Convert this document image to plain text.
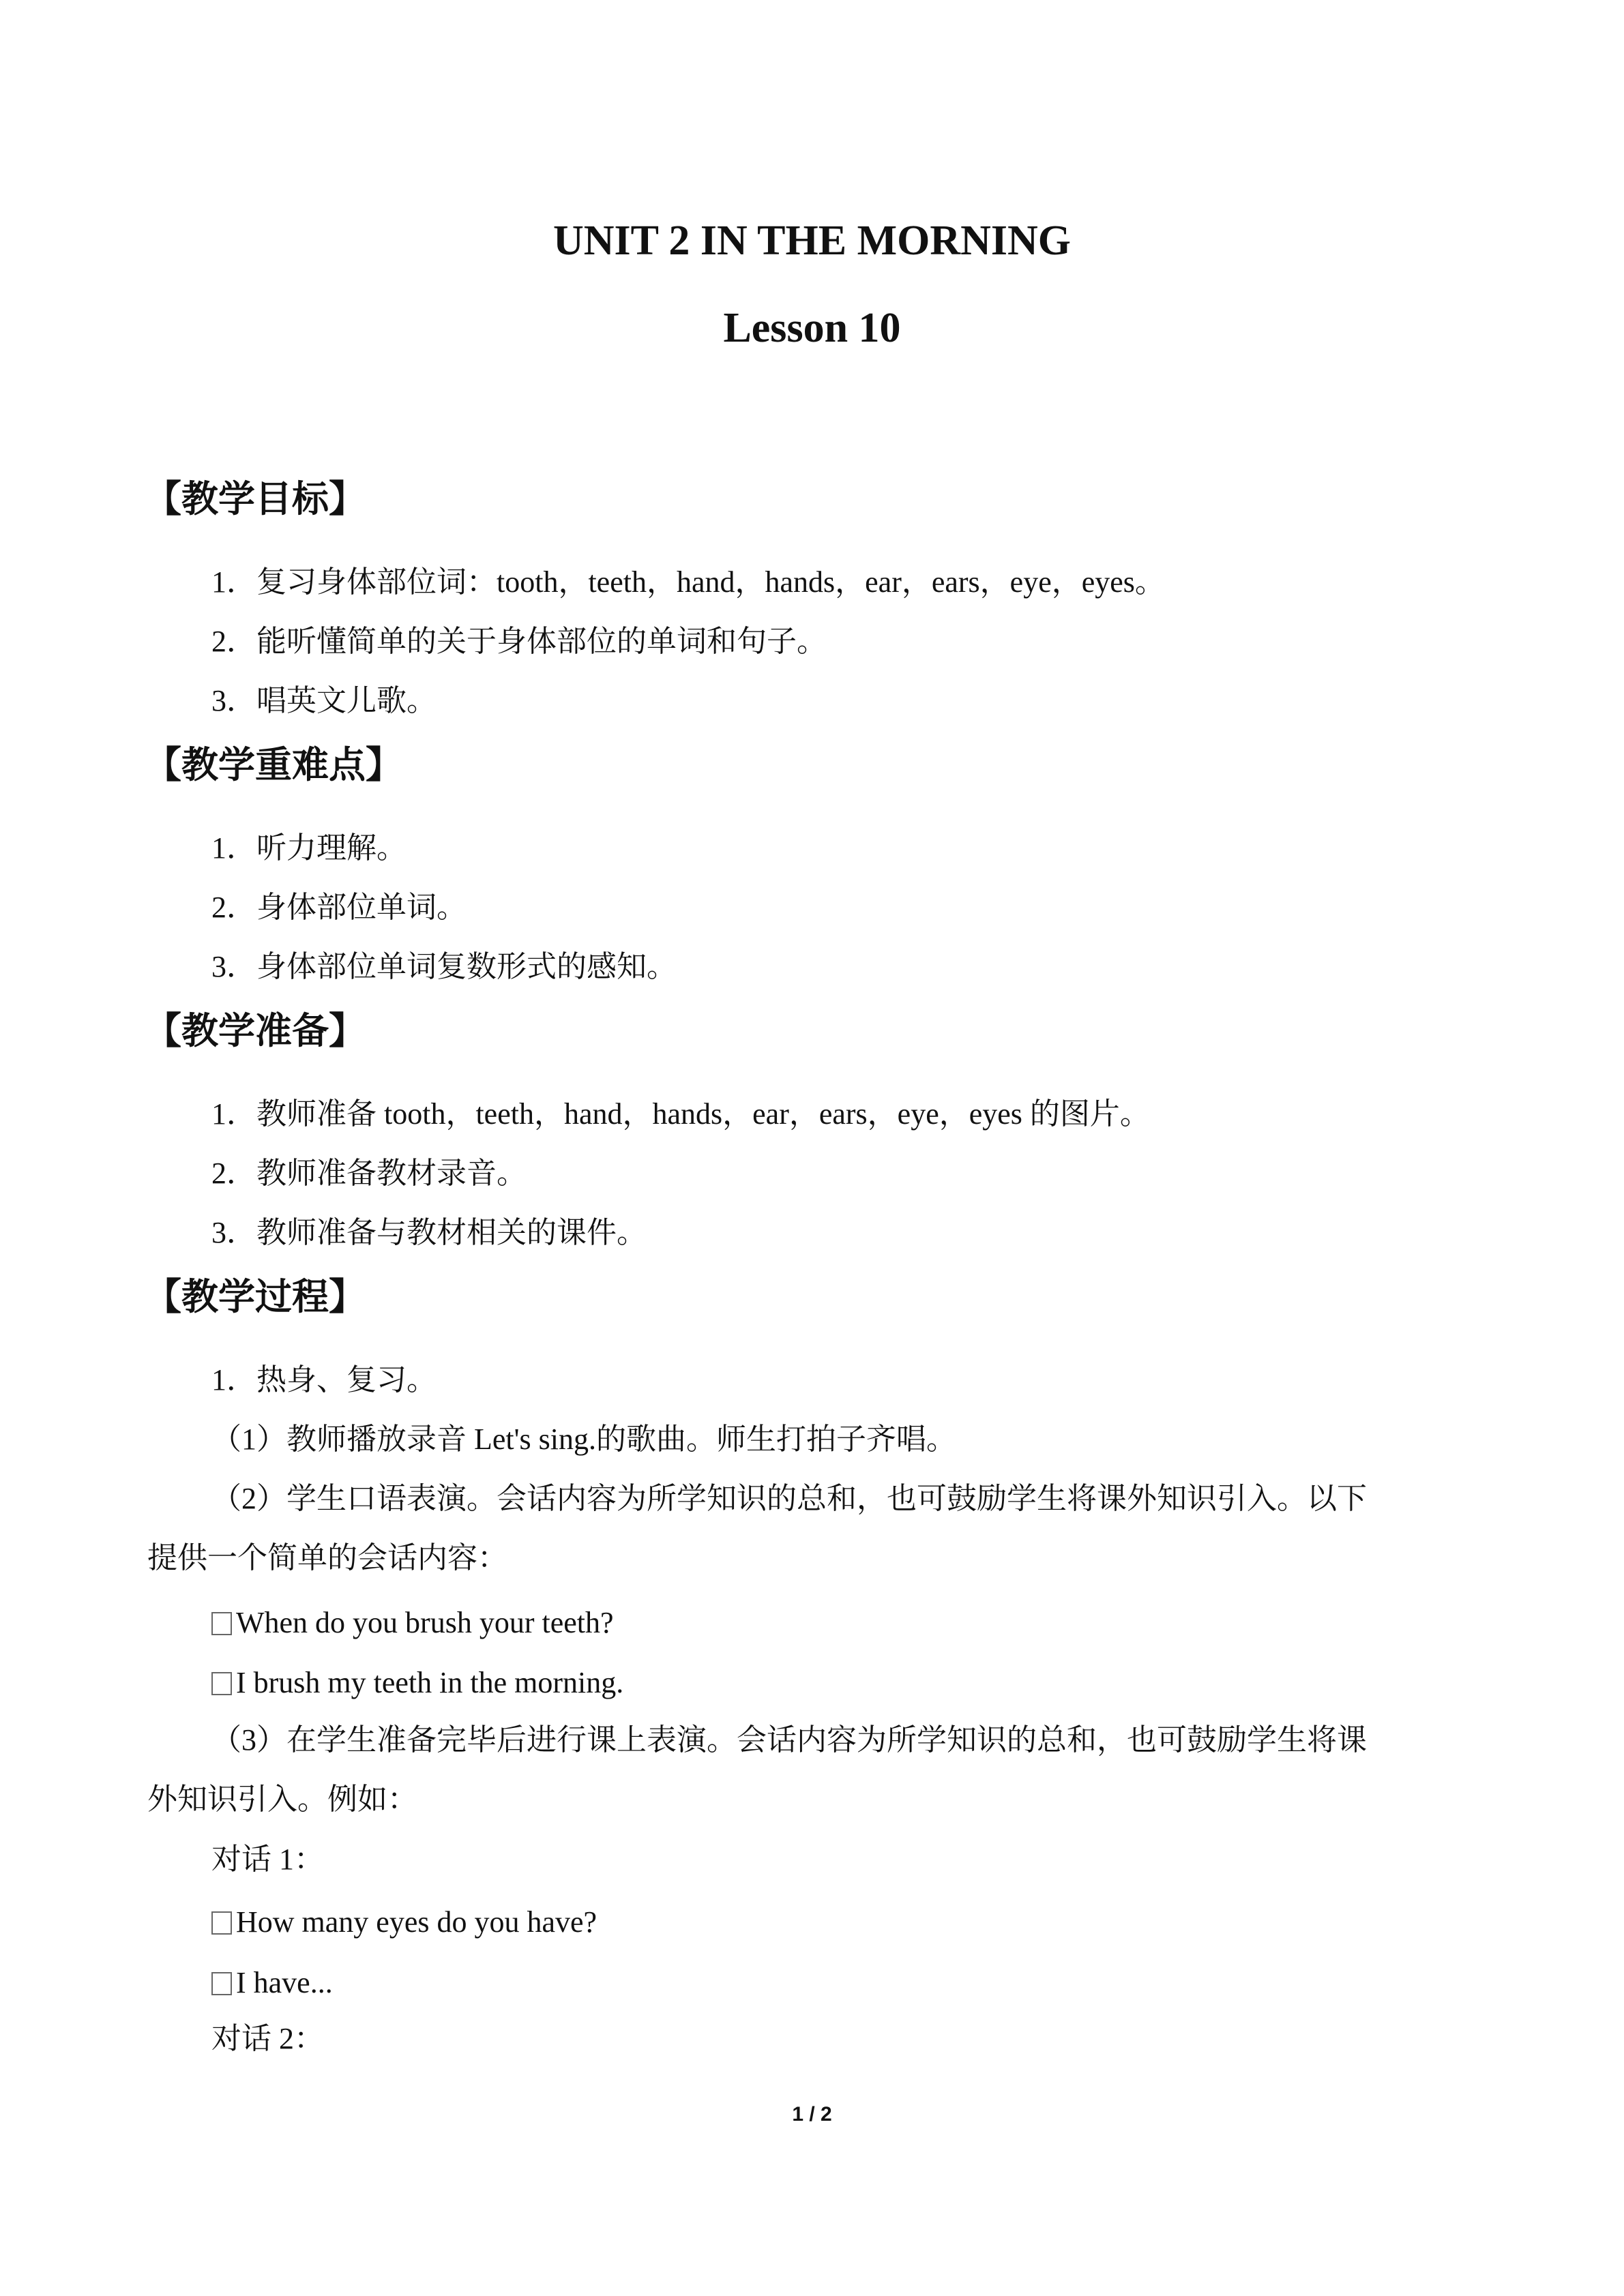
UNIT 2 IN THE MORNING
Lesson 10
【教学目标】
1．复习身体部位词：tooth，teeth，hand，hands，ear，ears，eye，eyes。
2．能听懂简单的关于身体部位的单词和句子。
3．唱英文儿歌。
【教学重难点】
1．听力理解。
2．身体部位单词。
3．身体部位单词复数形式的感知。
【教学准备】
1．教师准备 tooth，teeth，hand，hands，ear，ears，eye，eyes 的图片。
2．教师准备教材录音。
3．教师准备与教材相关的课件。
【教学过程】
1．热身、复习。
（1）教师播放录音 Let's sing.的歌曲。师生打拍子齐唱。
（2）学生口语表演。会话内容为所学知识的总和，也可鼓励学生将课外知识引入。以下
提供一个简单的会话内容：
When do you brush your teeth?
I brush my teeth in the morning.
（3）在学生准备完毕后进行课上表演。会话内容为所学知识的总和，也可鼓励学生将课
外知识引入。例如：
对话 1：
How many eyes do you have?
I have...
对话 2：
1 / 2
